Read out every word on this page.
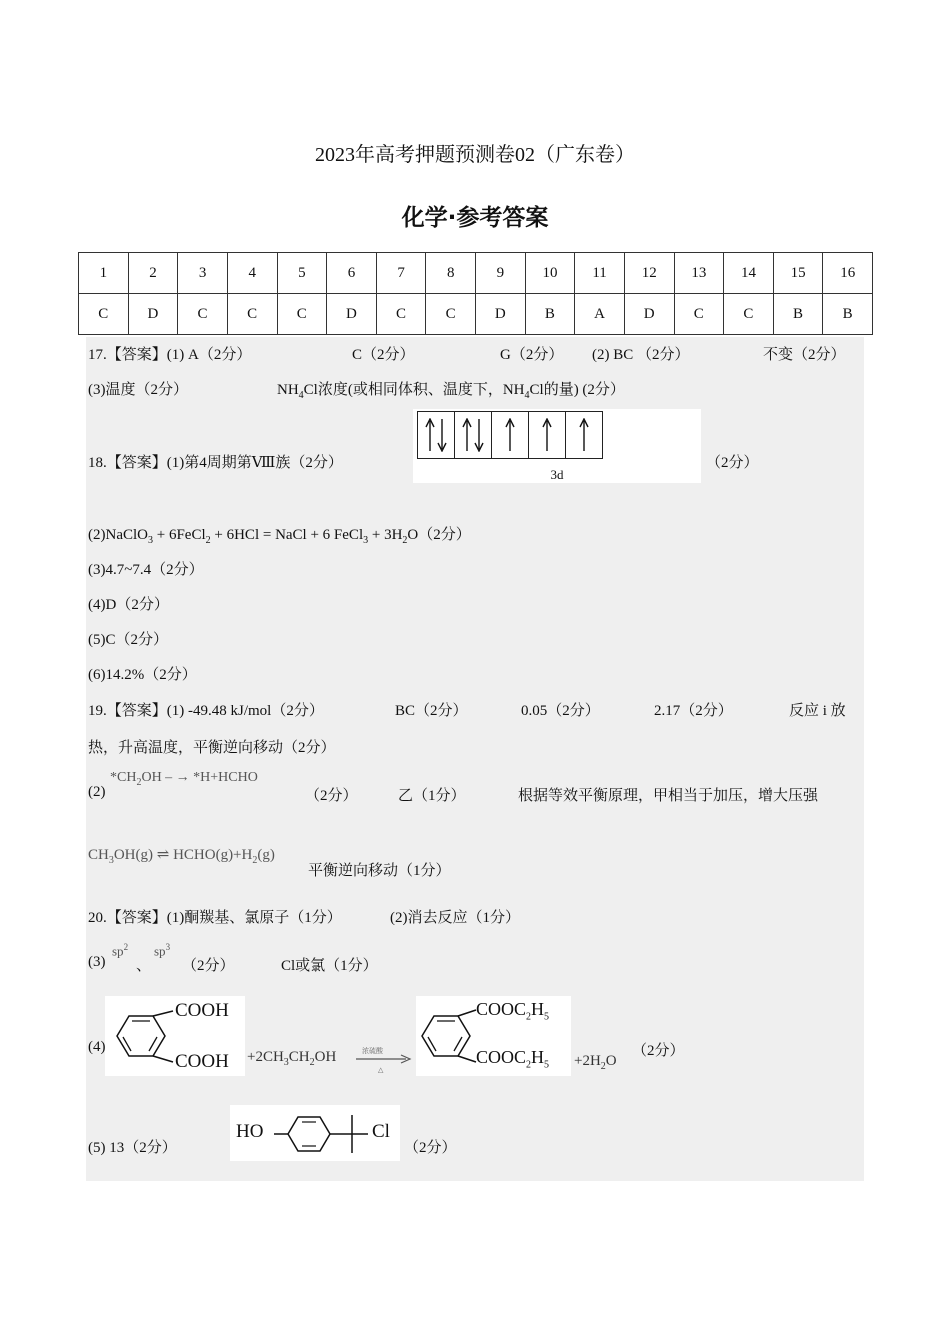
2023年高考押题预测卷02（广东卷）
化学·参考答案
1	2	3	4	5	6	7	8	9	10	11	12	13	14	15	16
C	D	C	C	C	D	C	C	D	B	A	D	C	C	B	B
17.【答案】(1) A（2分）	C（2分）	G（2分） (2) BC （2分）	不变（2分）
(3)温度（2分）	$NH_4Cl$浓度(或相同体积、温度下，$NH_4Cl$的量) (2分）
18.【答案】(1)第4周期第Ⅷ族（2分）
3d
（2分）
(2)NaClO$_3$ + 6FeCl$_2$ + 6HCl = NaCl + 6 FeCl$_3$ + $3H_2O(2$分）
(3)4.7~7.4（2分）
(4)D（2分）
(5)C（2分）
(6)14.2%（2分）
19.【答案】(1) -49.48 kJ/mol（2分）	BC（2分）	0.05（2分）	2.17（2分）	反应 i 放
热，升高温度，平衡逆向移动（2分）
(2)
$*CH_2OH$ – → *H+HCHO
（2分）	乙（1分）	根据等效平衡原理，甲相当于加压，增大压强
$CH_3OH(g)$ ⇌ $HCHO(g)+H_2(g)$
平衡逆向移动（1分）
20.【答案】(1)酮羰基、氯原子（1分）	(2)消去反应（1分）
(3)
$sp^2$
、
$sp^3$
（2分）	Cl或氯（1分）
(4)
COOH
COOH $+2CH_3CH_2OH$	浓硫酸
△
$COOC_2H_5$
$COOC_2H_5 +2H_2O$
（2分）
(5) 13（2分）
HO	Cl
（2分）
